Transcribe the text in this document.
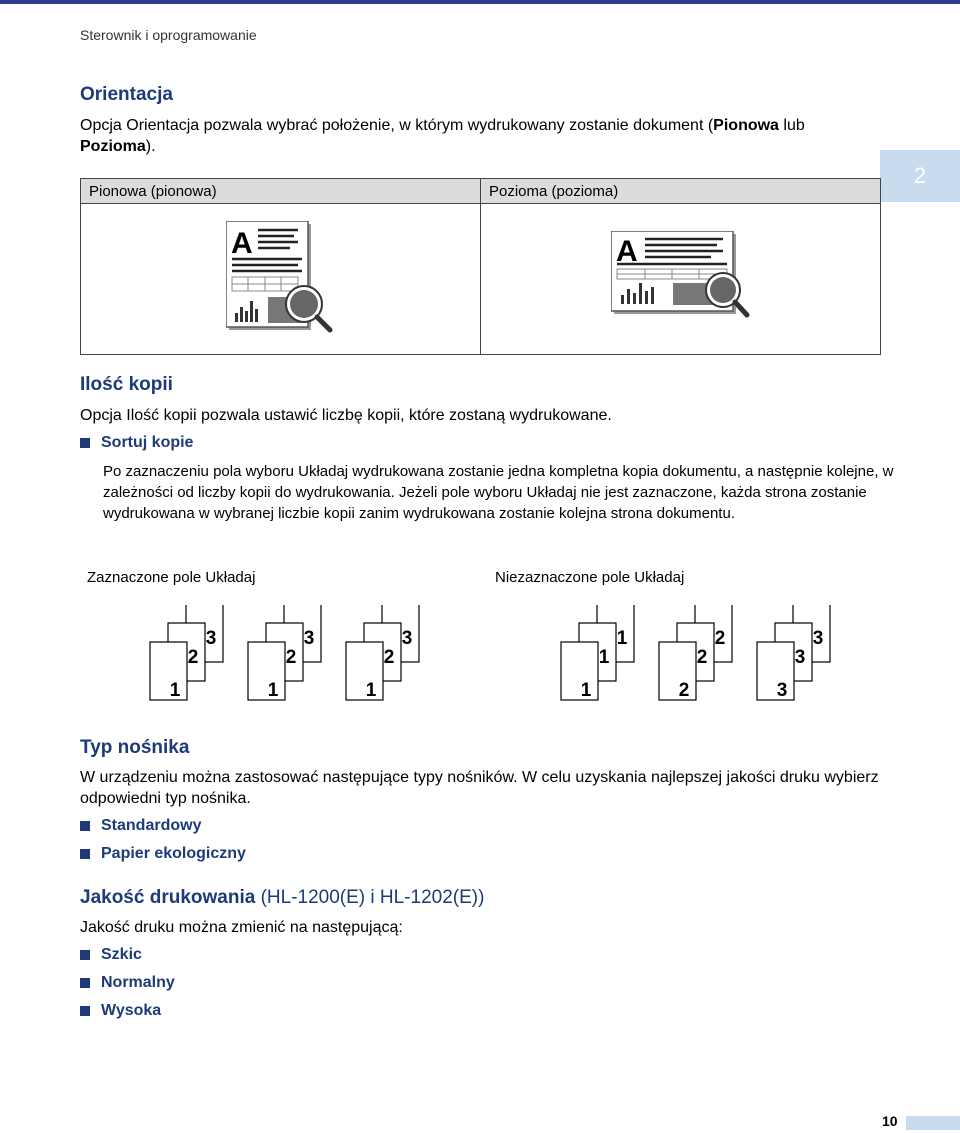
Sterownik i oprogramowanie
2
Orientacja
Opcja Orientacja pozwala wybrać położenie, w którym wydrukowany zostanie dokument (Pionowa lub
Pozioma).
Pionowa (pionowa)	Pozioma (pozioma)

A	A
Ilość kopii
Opcja Ilość kopii pozwala ustawić liczbę kopii, które zostaną wydrukowane.
Sortuj kopie
Po zaznaczeniu pola wyboru Układaj wydrukowana zostanie jedna kompletna kopia dokumentu, a następnie kolejne, w zależności od liczby kopii do wydrukowania. Jeżeli pole wyboru Układaj nie jest zaznaczone, każda strona zostanie wydrukowana w wybranej liczbie kopii zanim wydrukowana zostanie kolejna strona dokumentu.
Zaznaczone pole Układaj	Niezaznaczone pole Układaj
3
2
1
3
2
1
3
2
1
1
1
1
2
2
2
3
3
3
Typ nośnika
W urządzeniu można zastosować następujące typy nośników. W celu uzyskania najlepszej jakości druku wybierz odpowiedni typ nośnika.
Standardowy
Papier ekologiczny
Jakość drukowania (HL-1200(E) i HL-1202(E))
Jakość druku można zmienić na następującą:
Szkic
Normalny
Wysoka
10
